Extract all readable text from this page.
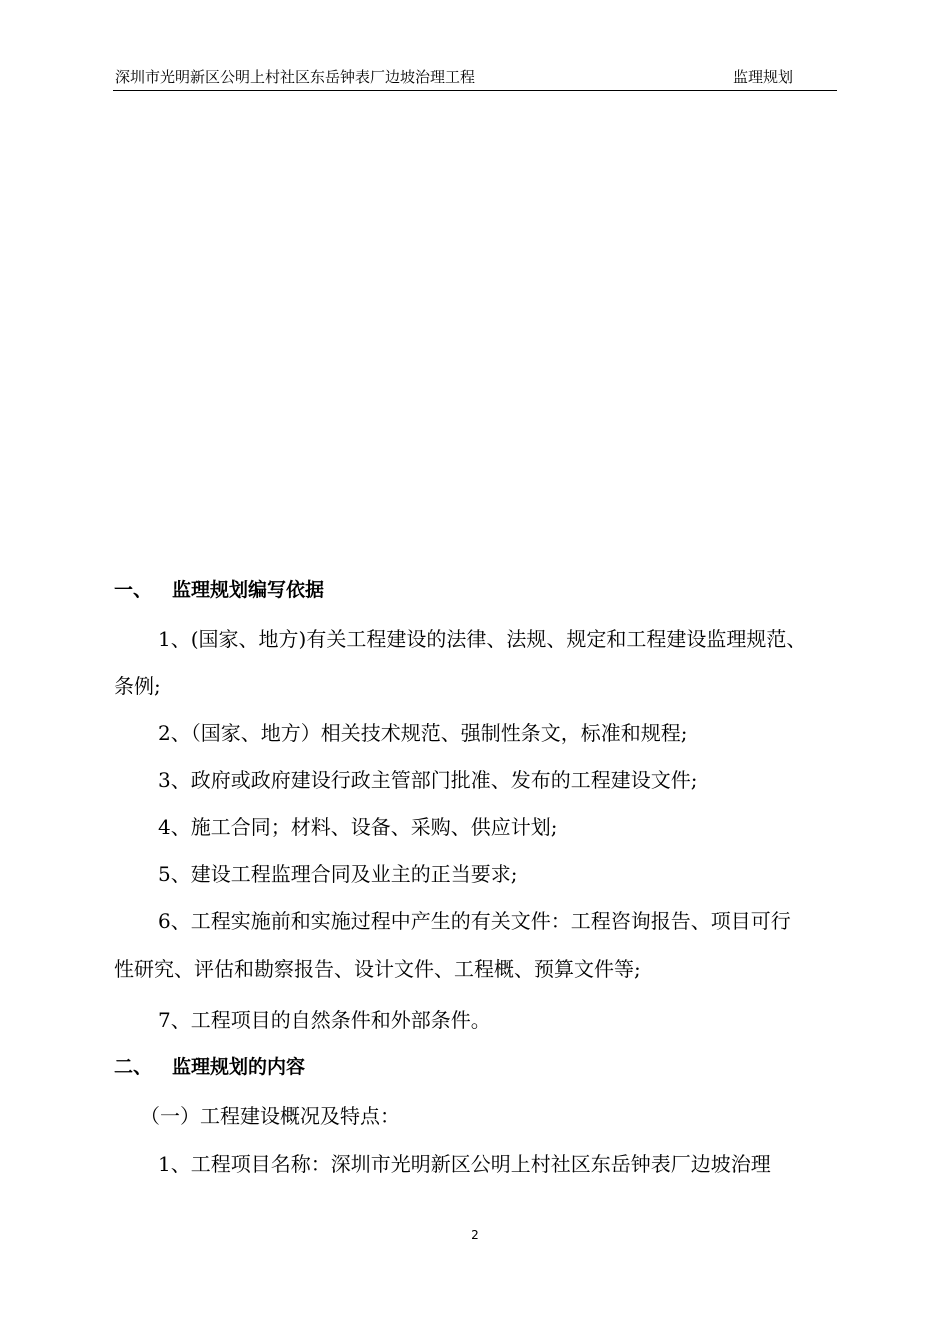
深圳市光明新区公明上村社区东岳钟表厂边坡治理工程	监理规划
一、 监理规划编写依据
1、(国家、地方)有关工程建设的法律、法规、规定和工程建设监理规范、
条例;
2、（国家、地方）相关技术规范、强制性条文，标准和规程;
3、政府或政府建设行政主管部门批准、发布的工程建设文件;
4、施工合同；材料、设备、采购、供应计划;
5、建设工程监理合同及业主的正当要求;
6、工程实施前和实施过程中产生的有关文件：工程咨询报告、项目可行
性研究、评估和勘察报告、设计文件、工程概、预算文件等;
7、工程项目的自然条件和外部条件。
二、 监理规划的内容
（一）工程建设概况及特点：
1、工程项目名称：深圳市光明新区公明上村社区东岳钟表厂边坡治理
2
